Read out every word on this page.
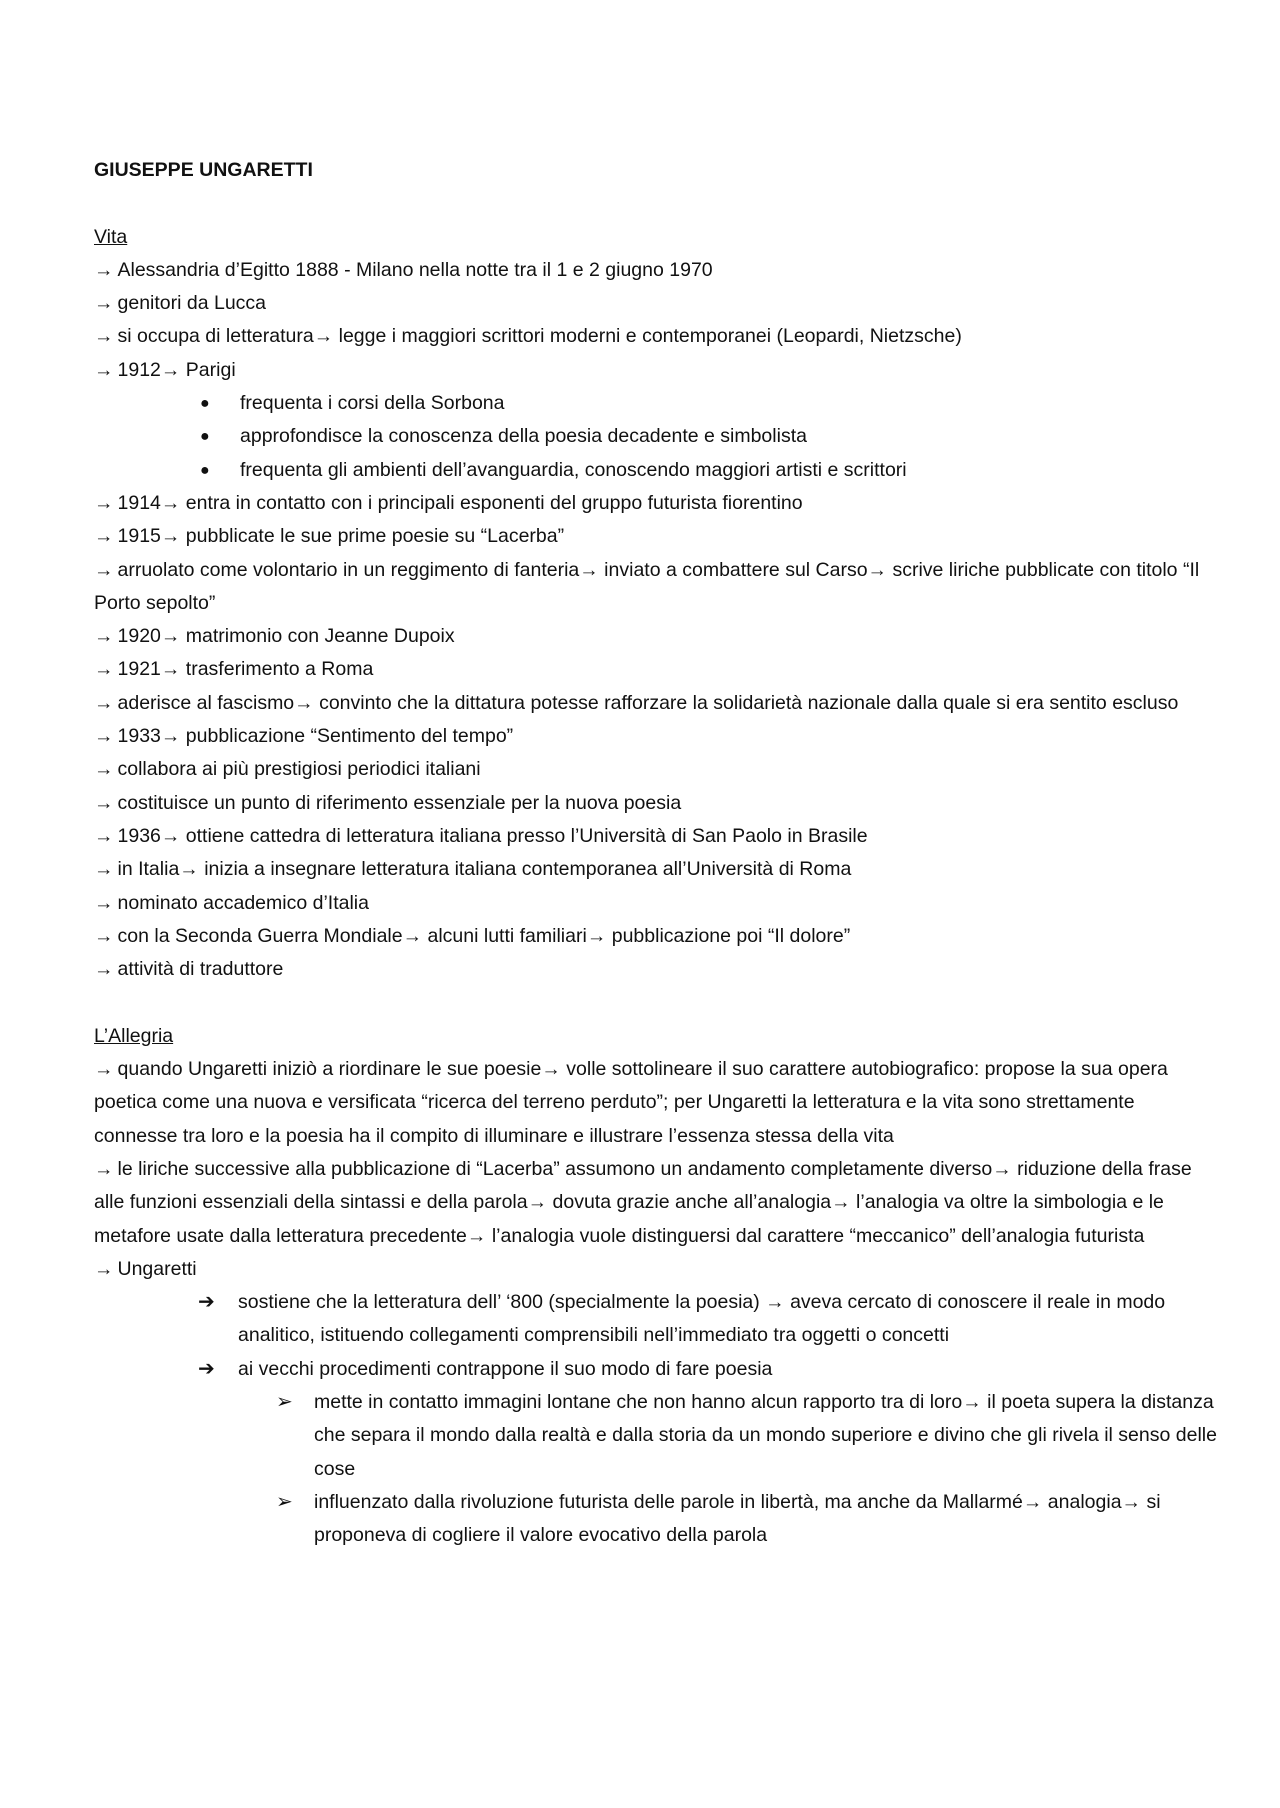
GIUSEPPE UNGARETTI

Vita

→ Alessandria d’Egitto 1888 - Milano nella notte tra il 1 e 2 giugno 1970

→ genitori da Lucca

→ si occupa di letteratura→ legge i maggiori scrittori moderni e contemporanei (Leopardi, Nietzsche)

→ 1912→ Parigi

●	frequenta i corsi della Sorbona
●	approfondisce la conoscenza della poesia decadente e simbolista
●	frequenta gli ambienti dell’avanguardia, conoscendo maggiori artisti e scrittori

→ 1914→ entra in contatto con i principali esponenti del gruppo futurista fiorentino

→ 1915→ pubblicate le sue prime poesie su “Lacerba”

→ arruolato come volontario in un reggimento di fanteria→ inviato a combattere sul Carso→ scrive liriche pubblicate con titolo “Il Porto sepolto”

→ 1920→ matrimonio con Jeanne Dupoix

→ 1921→ trasferimento a Roma

→ aderisce al fascismo→ convinto che la dittatura potesse rafforzare la solidarietà nazionale dalla quale si era sentito escluso

→ 1933→ pubblicazione “Sentimento del tempo”

→ collabora ai più prestigiosi periodici italiani

→ costituisce un punto di riferimento essenziale per la nuova poesia

→ 1936→ ottiene cattedra di letteratura italiana presso l’Università di San Paolo in Brasile

→ in Italia→ inizia a insegnare letteratura italiana contemporanea all’Università di Roma

→ nominato accademico d’Italia

→ con la Seconda Guerra Mondiale→ alcuni lutti familiari→ pubblicazione poi “Il dolore”

→ attività di traduttore

L’Allegria

→ quando Ungaretti iniziò a riordinare le sue poesie→ volle sottolineare il suo carattere autobiografico: propose la sua opera poetica come una nuova e versificata “ricerca del terreno perduto”; per Ungaretti la letteratura e la vita sono strettamente connesse tra loro e la poesia ha il compito di illuminare e illustrare l’essenza stessa della vita

→ le liriche successive alla pubblicazione di “Lacerba” assumono un andamento completamente diverso→ riduzione della frase alle funzioni essenziali della sintassi e della parola→ dovuta grazie anche all’analogia→ l’analogia va oltre la simbologia e le metafore usate dalla letteratura precedente→ l’analogia vuole distinguersi dal carattere “meccanico” dell’analogia futurista

→ Ungaretti

➔	sostiene che la letteratura dell’ ‘800 (specialmente la poesia) → aveva cercato di conoscere il reale in modo analitico, istituendo collegamenti comprensibili nell’immediato tra oggetti o concetti
➔	ai vecchi procedimenti contrappone il suo modo di fare poesia
➢	mette in contatto immagini lontane che non hanno alcun rapporto tra di loro→ il poeta supera la distanza che separa il mondo dalla realtà e dalla storia da un mondo superiore e divino che gli rivela il senso delle cose
➢	influenzato dalla rivoluzione futurista delle parole in libertà, ma anche da Mallarmé→ analogia→ si proponeva di cogliere il valore evocativo della parola
